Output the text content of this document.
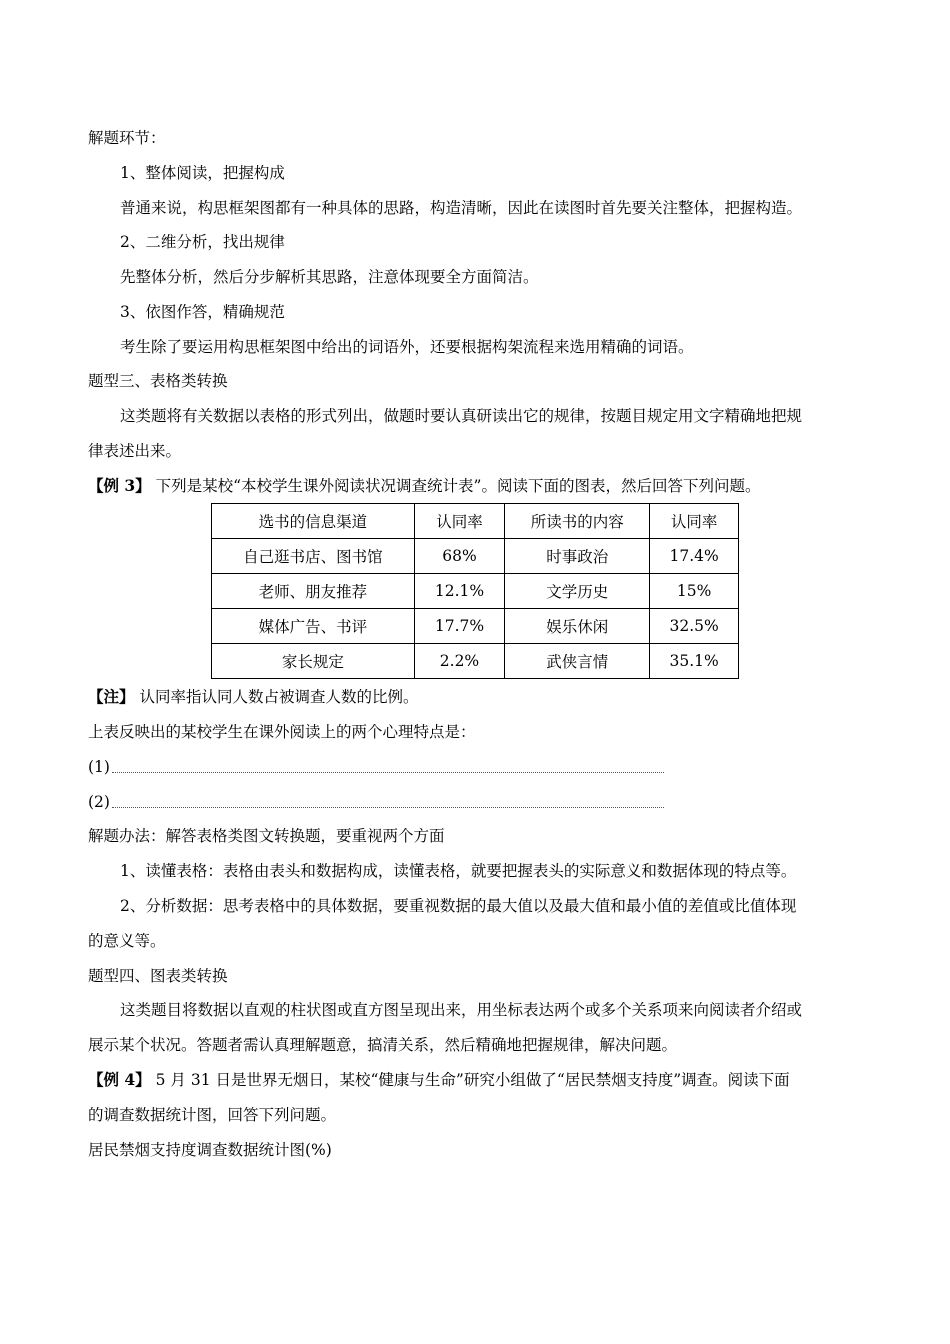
解题环节：
1、整体阅读，把握构成
普通来说，构思框架图都有一种具体的思路，构造清晰，因此在读图时首先要关注整体，把握构造。
2、二维分析，找出规律
先整体分析，然后分步解析其思路，注意体现要全方面简洁。
3、依图作答，精确规范
考生除了要运用构思框架图中给出的词语外，还要根据构架流程来选用精确的词语。
题型三、表格类转换
这类题将有关数据以表格的形式列出，做题时要认真研读出它的规律，按题目规定用文字精确地把规
律表述出来。
【例 3】 下列是某校“本校学生课外阅读状况调查统计表”。阅读下面的图表，然后回答下列问题。
选书的信息渠道	认同率	所读书的内容	认同率
自己逛书店、图书馆	68%	时事政治	17.4%
老师、朋友推荐	12.1%	文学历史	15%
媒体广告、书评	17.7%	娱乐休闲	32.5%
家长规定	2.2%	武侠言情	35.1%
【注】 认同率指认同人数占被调查人数的比例。
上表反映出的某校学生在课外阅读上的两个心理特点是：
(1)
(2)
解题办法：解答表格类图文转换题，要重视两个方面
1、读懂表格：表格由表头和数据构成，读懂表格，就要把握表头的实际意义和数据体现的特点等。
2、分析数据：思考表格中的具体数据，要重视数据的最大值以及最大值和最小值的差值或比值体现
的意义等。
题型四、图表类转换
这类题目将数据以直观的柱状图或直方图呈现出来，用坐标表达两个或多个关系项来向阅读者介绍或
展示某个状况。答题者需认真理解题意，搞清关系，然后精确地把握规律，解决问题。
【例 4】 5 月 31 日是世界无烟日，某校“健康与生命”研究小组做了“居民禁烟支持度”调查。阅读下面
的调查数据统计图，回答下列问题。
居民禁烟支持度调查数据统计图(%)
